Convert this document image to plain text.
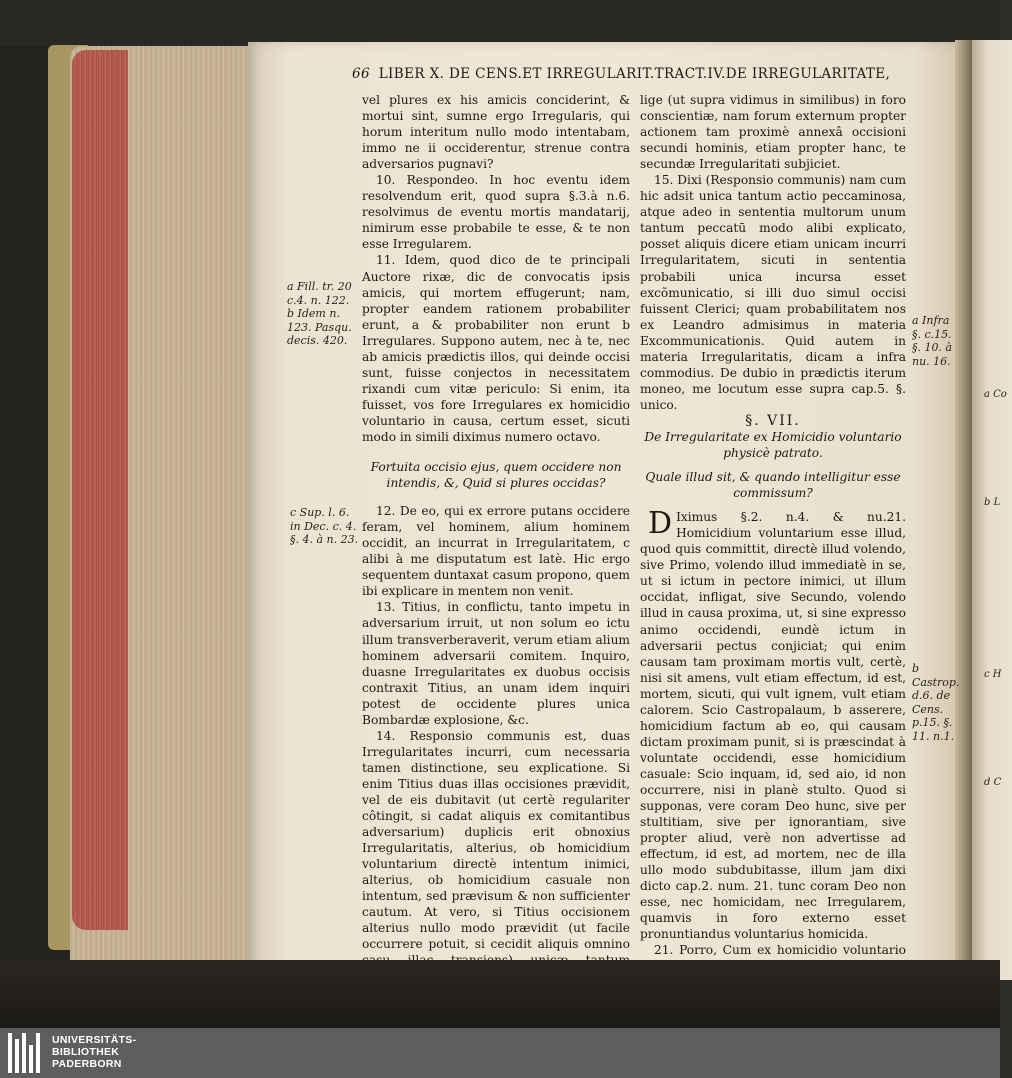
66 LIBER X. DE CENS.ET IRREGULARIT.TRACT.IV.DE IRREGULARITATE,

vel plures ex his amicis conciderint, & mortui sint, sumne ergo Irregularis, qui horum interitum nullo modo intentabam, immo ne ii occiderentur, strenue contra adversarios pugnavi?

10. Respondeo. In hoc eventu idem resolvendum erit, quod supra §.3.à n.6. resolvimus de eventu mortis mandatarij, nimirum esse probabile te esse, & te non esse Irregularem.

11. Idem, quod dico de te principali Auctore rixæ, dic de convocatis ipsis amicis, qui mortem effugerunt; nam, propter eandem rationem probabiliter erunt, a & probabiliter non erunt b Irregulares. Suppono autem, nec à te, nec ab amicis prædictis illos, qui deinde occisi sunt, fuisse conjectos in necessitatem rixandi cum vitæ periculo: Si enim, ita fuisset, vos fore Irregulares ex homicidio voluntario in causa, certum esset, sicuti modo in simili diximus numero octavo.

Fortuita occisio ejus, quem occidere non intendis, &, Quid si plures occidas?

12. De eo, qui ex errore putans occidere feram, vel hominem, alium hominem occidit, an incurrat in Irregularitatem, c alibi à me disputatum est latè. Hic ergo sequentem duntaxat casum propono, quem ibi explicare in mentem non venit.

13. Titius, in conflictu, tanto impetu in adversarium irruit, ut non solum eo ictu illum transverberaverit, verum etiam alium hominem adversarii comitem. Inquiro, duasne Irregularitates ex duobus occisis contraxit Titius, an unam idem inquiri potest de occidente plures unica Bombardæ explosione, &c.

14. Responsio communis est, duas Irregularitates incurri, cum necessaria tamen distinctione, seu explicatione. Si enim Titius duas illas occisiones prævidit, vel de eis dubitavit (ut certè regulariter côtingit, si cadat aliquis ex comitantibus adversarium) duplicis erit obnoxius Irregularitatis, alterius, ob homicidium voluntarium directè intentum inimici, alterius, ob homicidium casuale non intentum, sed prævisum & non sufficienter cautum. At vero, si Titius occisionem alterius nullo modo prævidit (ut facile occurrere potuit, si cecidit aliquis omnino

lige (ut supra vidimus in similibus) in foro conscientiæ, nam forum externum propter actionem tam proximè annexâ occisioni secundi hominis, etiam propter hanc, te secundæ Irregularitati subjiciet.

15. Dixi (Responsio communis) nam cum hic adsit unica tantum actio peccaminosa, atque adeo in sententia multorum unum tantum peccatū modo alibi explicato, posset aliquis dicere etiam unicam incurri Irregularitatem, sicuti in sententia probabili unica incursa esset excõmunicatio, si illi duo simul occisi fuissent Clerici; quam probabilitatem nos ex Leandro admisimus in materia Excommunicationis. Quid autem in materia Irregularitatis, dicam a infra commodius. De dubio in prædictis iterum moneo, me locutum esse supra cap.5. §. unico.

§. VII.

De Irregularitate ex Homicidio voluntario physicè patrato.

Quale illud sit, & quando intelligitur esse commissum?

D Iximus §.2. n.4. & nu.21. Homicidium voluntarium esse illud, quod quis committit, directè illud volendo, sive Primo, volendo illud immediatè in se, ut si ictum in pectore inimici, ut illum occidat, infligat, sive Secundo, volendo illud in causa proxima, ut, si sine expresso animo occidendi, eundè ictum in adversarii pectus conjiciat; qui enim causam tam proximam mortis vult, certè, nisi sit amens, vult etiam effectum, id est, mortem, sicuti, qui vult ignem, vult etiam calorem. Scio Castropalaum, b asserere, homicidium factum ab eo, qui causam dictam proximam punit, si is præscindat à voluntate occidendi, esse homicidium casuale: Scio inquam, id, sed aio, id non occurrere, nisi in planè stulto. Quod si supponas, vere coram Deo hunc, sive per stultitiam, sive per ignorantiam, sive propter aliud, verè non advertisse ad effectum, id est, ad mortem, nec de illa ullo modo subdubitasse, illum jam dixi dicto cap.2. num. 21. tunc coram Deo non esse, nec homicidam, nec Irregularem, quamvis in foro externo esset pronuntiandus voluntarius homicida.

21. Porro, Cum ex homicidio voluntario

a Fill. tr. 20 c.4. n. 122. b Idem n. 123. Pasqu. decis. 420.
c Sup. l. 6. in Dec. c. 4. §. 4. à n. 23.
a Infra §. c.15. §. 10. à nu. 16.
b Castrop. d.6. de Cens. p.15. §. 11. n.1.
a Co
b L
c H
d C
UNIVERSITÄTS-
BIBLIOTHEK
PADERBORN
